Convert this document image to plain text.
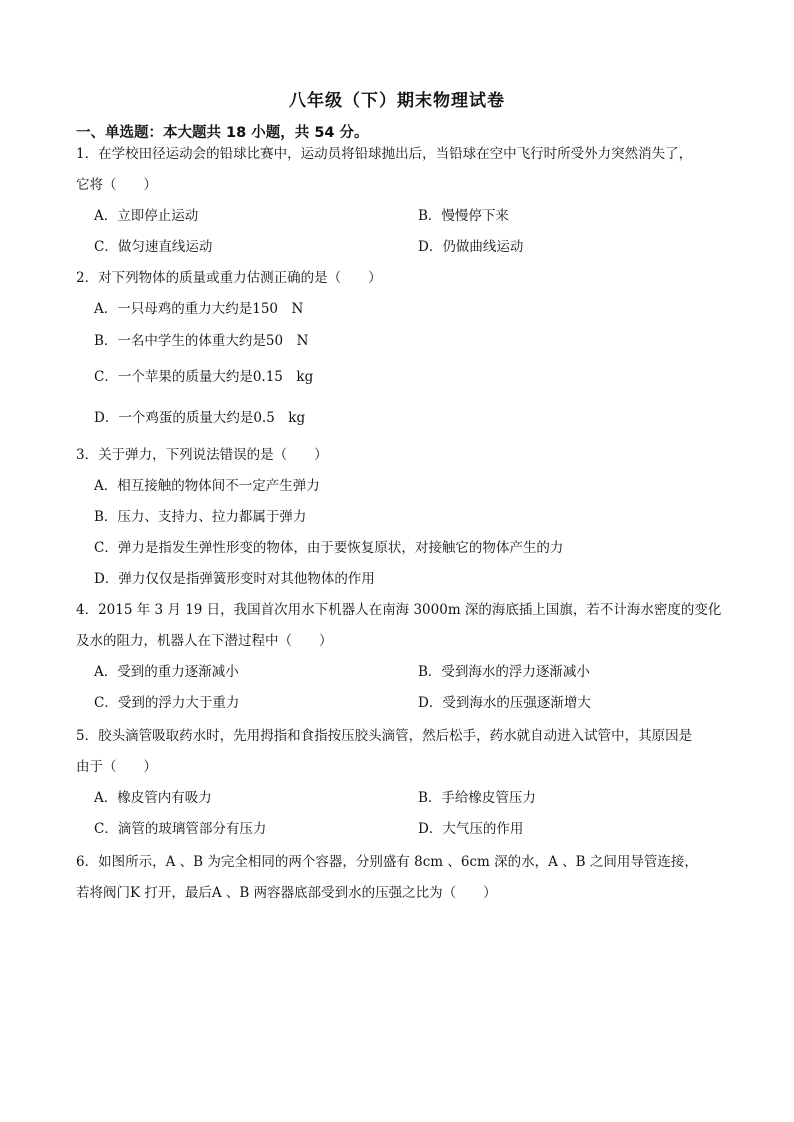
八年级（下）期末物理试卷
一、单选题：本大题共 18 小题，共 54 分。
1．在学校田径运动会的铅球比赛中，运动员将铅球抛出后，当铅球在空中飞行时所受外力突然消失了，
它将（　　）
A．立即停止运动	B．慢慢停下来
C．做匀速直线运动	D．仍做曲线运动
2．对下列物体的质量或重力估测正确的是（　　）
A．一只母鸡的重力大约是150　N
B．一名中学生的体重大约是50　N
C．一个苹果的质量大约是0.15　kg
D．一个鸡蛋的质量大约是0.5　kg
3．关于弹力，下列说法错误的是（　　）
A．相互接触的物体间不一定产生弹力
B．压力、支持力、拉力都属于弹力
C．弹力是指发生弹性形变的物体，由于要恢复原状，对接触它的物体产生的力
D．弹力仅仅是指弹簧形变时对其他物体的作用
4．2015 年 3 月 19 日，我国首次用水下机器人在南海 3000m 深的海底插上国旗，若不计海水密度的变化
及水的阻力，机器人在下潜过程中（　　）
A．受到的重力逐渐减小	B．受到海水的浮力逐渐减小
C．受到的浮力大于重力	D．受到海水的压强逐渐增大
5．胶头滴管吸取药水时，先用拇指和食指按压胶头滴管，然后松手，药水就自动进入试管中，其原因是
由于（　　）
A．橡皮管内有吸力	B．手给橡皮管压力
C．滴管的玻璃管部分有压力	D．大气压的作用
6．如图所示，A 、B 为完全相同的两个容器，分别盛有 8cm 、6cm 深的水，A 、B 之间用导管连接，
若将阀门K 打开，最后A 、B 两容器底部受到水的压强之比为（　　）
